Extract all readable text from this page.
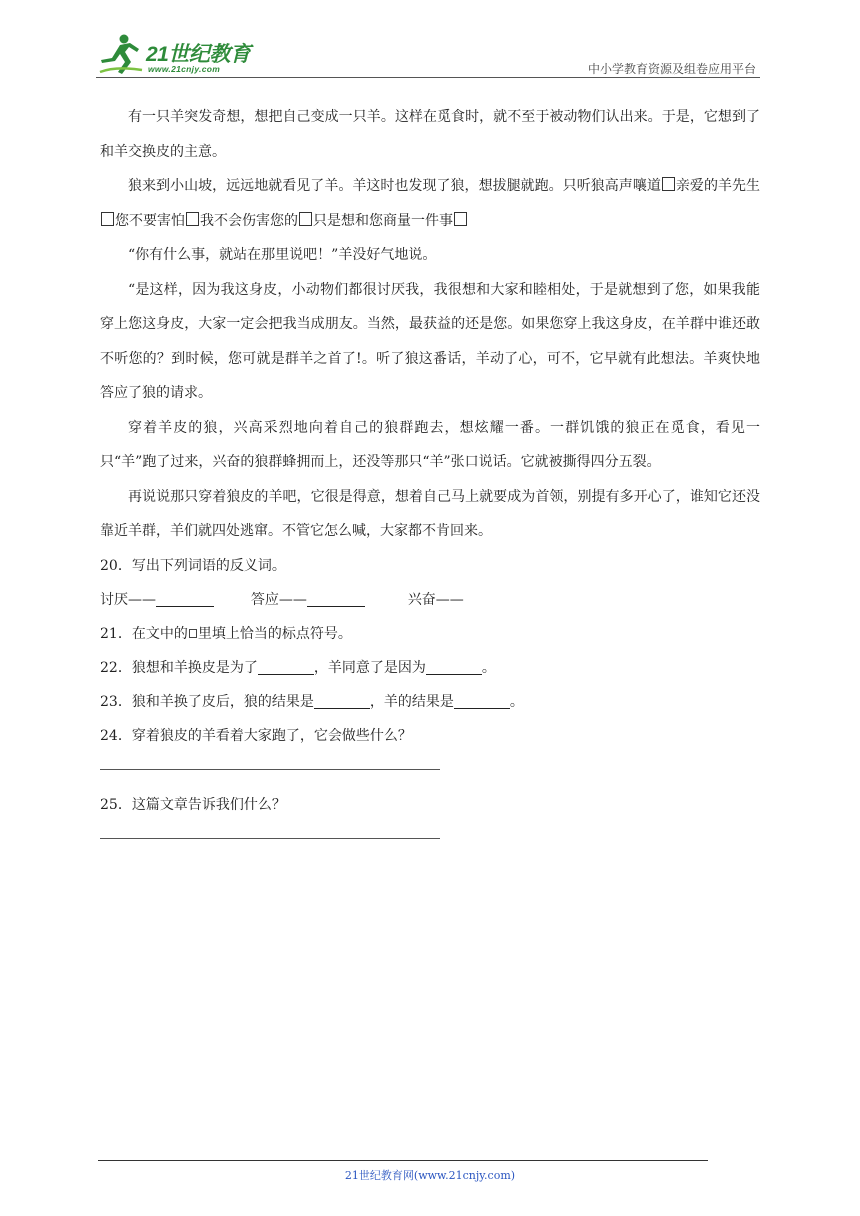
21世纪教育
www.21cnjy.com	中小学教育资源及组卷应用平台

有一只羊突发奇想，想把自己变成一只羊。这样在觅食时，就不至于被动物们认出来。于是，它想到了和羊交换皮的主意。

狼来到小山坡，远远地就看见了羊。羊这时也发现了狼，想拔腿就跑。只听狼高声嚷道 亲爱的羊先生您不要害怕 我不会伤害您的 只是想和您商量一件事

“你有什么事，就站在那里说吧！”羊没好气地说。

“是这样，因为我这身皮，小动物们都很讨厌我，我很想和大家和睦相处，于是就想到了您，如果我能穿上您这身皮，大家一定会把我当成朋友。当然，最获益的还是您。如果您穿上我这身皮，在羊群中谁还敢不听您的？到时候，您可就是群羊之首了!。听了狼这番话，羊动了心，可不，它早就有此想法。羊爽快地答应了狼的请求。

穿着羊皮的狼，兴高采烈地向着自己的狼群跑去，想炫耀一番。一群饥饿的狼正在觅食，看见一只“羊”跑了过来，兴奋的狼群蜂拥而上，还没等那只“羊”张口说话。它就被撕得四分五裂。

再说说那只穿着狼皮的羊吧，它很是得意，想着自己马上就要成为首领，别提有多开心了，谁知它还没靠近羊群，羊们就四处逃窜。不管它怎么喊，大家都不肯回来。

20．写出下列词语的反义词。

讨厌——	答应——	兴奋——

21．在文中的 里填上恰当的标点符号。

22．狼想和羊换皮是为了	，羊同意了是因为	。

23．狼和羊换了皮后，狼的结果是	，羊的结果是	。

24．穿着狼皮的羊看着大家跑了，它会做些什么？

25．这篇文章告诉我们什么？

21世纪教育网(www.21cnjy.com)
